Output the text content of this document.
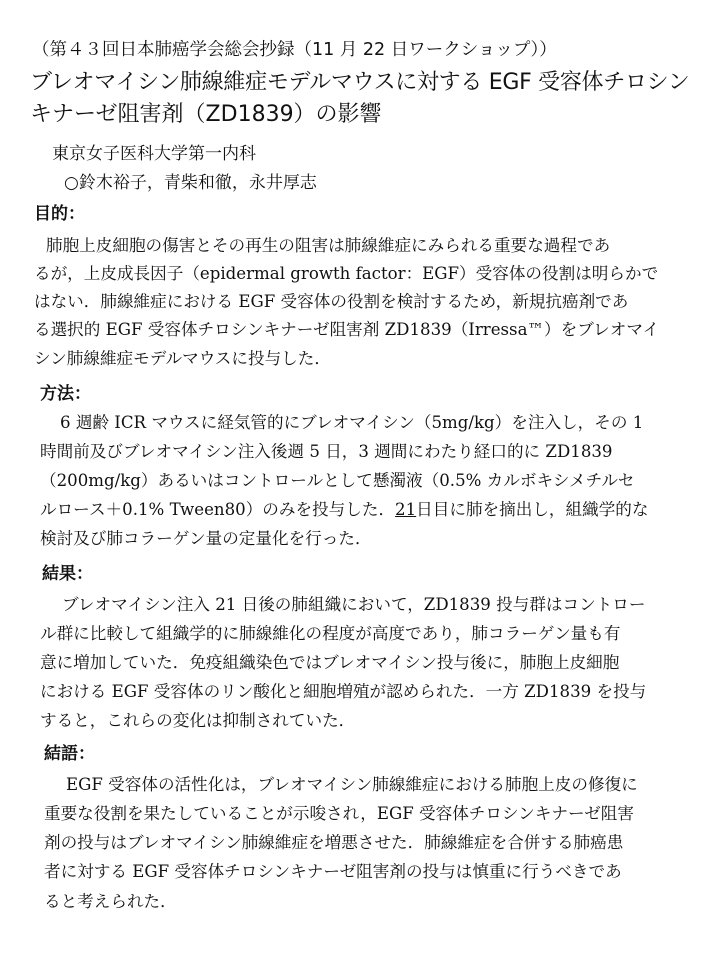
（第４３回日本肺癌学会総会抄録（11 月 22 日ワークショップ））
ブレオマイシン肺線維症モデルマウスに対する EGF 受容体チロシン
キナーゼ阻害剤（ZD1839）の影響
東京女子医科大学第一内科
○鈴木裕子，青柴和徹，永井厚志
目的：
肺胞上皮細胞の傷害とその再生の阻害は肺線維症にみられる重要な過程であ
るが，上皮成長因子（epidermal growth factor：EGF）受容体の役割は明らかで
はない．肺線維症における EGF 受容体の役割を検討するため，新規抗癌剤であ
る選択的 EGF 受容体チロシンキナーゼ阻害剤 ZD1839（Irressa™）をブレオマイ
シン肺線維症モデルマウスに投与した．
方法：
6 週齢 ICR マウスに経気管的にブレオマイシン（5mg/kg）を注入し，その 1
時間前及びブレオマイシン注入後週 5 日，3 週間にわたり経口的に ZD1839
（200mg/kg）あるいはコントロールとして懸濁液（0.5% カルボキシメチルセ
ルロース＋0.1% Tween80）のみを投与した．21日目に肺を摘出し，組織学的な
検討及び肺コラーゲン量の定量化を行った．
結果：
ブレオマイシン注入 21 日後の肺組織において，ZD1839 投与群はコントロー
ル群に比較して組織学的に肺線維化の程度が高度であり，肺コラーゲン量も有
意に増加していた．免疫組織染色ではブレオマイシン投与後に，肺胞上皮細胞
における EGF 受容体のリン酸化と細胞増殖が認められた．一方 ZD1839 を投与
すると，これらの変化は抑制されていた．
結語：
EGF 受容体の活性化は，ブレオマイシン肺線維症における肺胞上皮の修復に
重要な役割を果たしていることが示唆され，EGF 受容体チロシンキナーゼ阻害
剤の投与はブレオマイシン肺線維症を増悪させた．肺線維症を合併する肺癌患
者に対する EGF 受容体チロシンキナーゼ阻害剤の投与は慎重に行うべきであ
ると考えられた．
